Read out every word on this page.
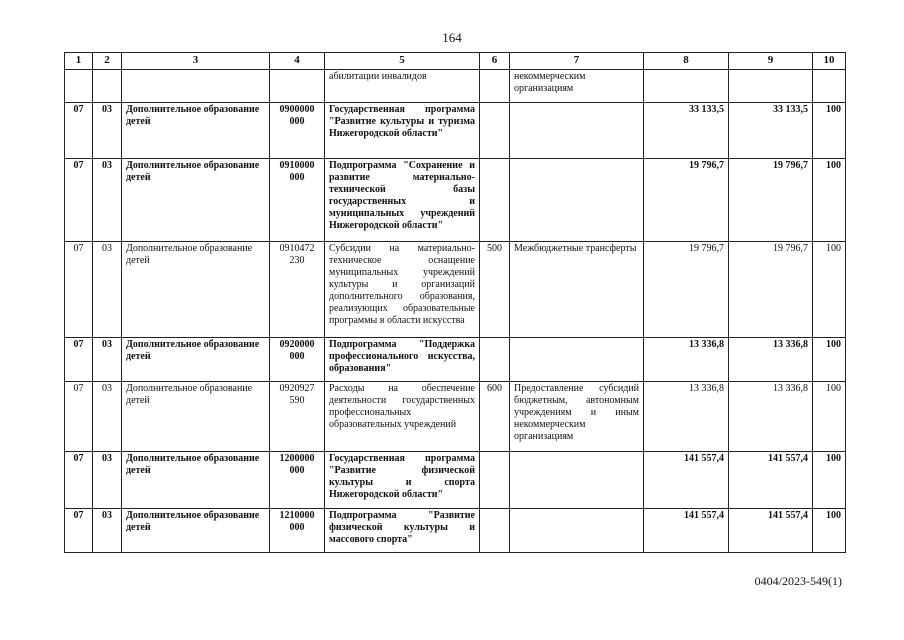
164
1	2	3	4	5	6	7	8	9	10
				абилитации инвалидов		некоммерческим организациям			
07	03	Дополнительное образование детей	0900000 000	Государственная программа "Развитие культуры и туризма Нижегородской области"			33 133,5	33 133,5	100
07	03	Дополнительное образование детей	0910000 000	Подпрограмма "Сохранение и развитие материально-технической базы государственных и муниципальных учреждений Нижегородской области"			19 796,7	19 796,7	100
07	03	Дополнительное образование детей	0910472 230	Субсидии на материально-техническое оснащение муниципальных учреждений культуры и организаций дополнительного образования, реализующих образовательные программы в области искусства	500	Межбюджетные трансферты	19 796,7	19 796,7	100
07	03	Дополнительное образование детей	0920000 000	Подпрограмма "Поддержка профессионального искусства, образования"			13 336,8	13 336,8	100
07	03	Дополнительное образование детей	0920927 590	Расходы на обеспечение деятельности государственных профессиональных образовательных учреждений	600	Предоставление субсидий бюджетным, автономным учреждениям и иным некоммерческим организациям	13 336,8	13 336,8	100
07	03	Дополнительное образование детей	1200000 000	Государственная программа "Развитие физической культуры и спорта Нижегородской области"			141 557,4	141 557,4	100
07	03	Дополнительное образование детей	1210000 000	Подпрограмма "Развитие физической культуры и массового спорта"			141 557,4	141 557,4	100
0404/2023-549(1)
